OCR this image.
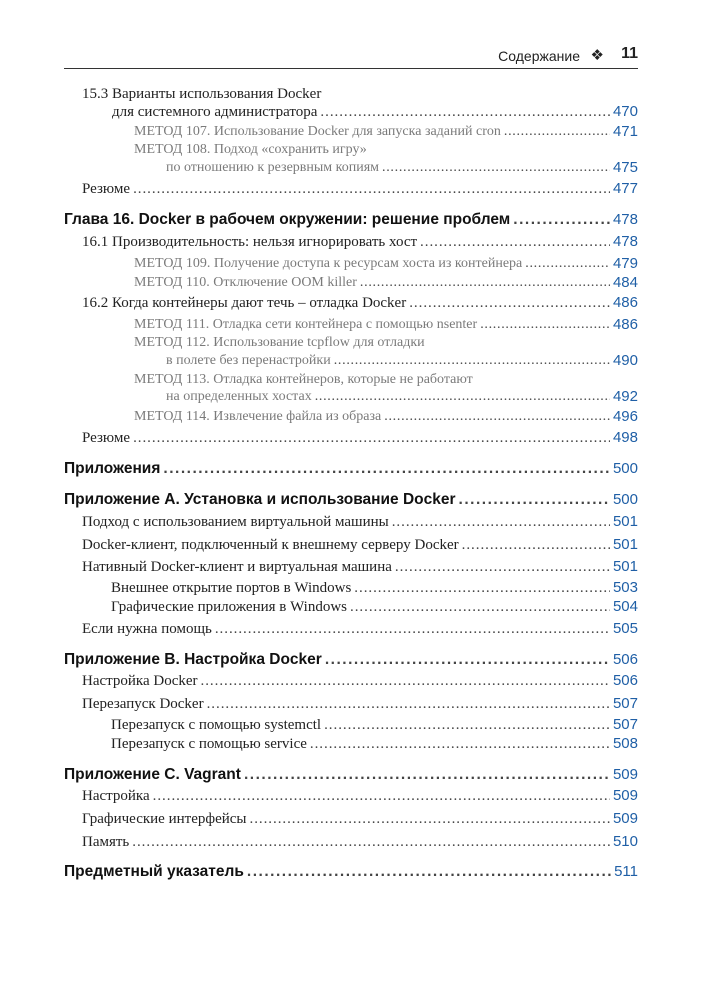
Содержание ❖ 11
15.3 Варианты использования Docker
для системного администратора . . .	470
МЕТОД 107. Использование Docker для запуска заданий cron . . .	471
МЕТОД 108. Подход «сохранить игру»
по отношению к резервным копиям . . .	475
Резюме . . .	477
Глава 16. Docker в рабочем окружении: решение проблем . . .	478
16.1 Производительность: нельзя игнорировать хост . . .	478
МЕТОД 109. Получение доступа к ресурсам хоста из контейнера . . .	479
МЕТОД 110. Отключение OOM killer . . .	484
16.2 Когда контейнеры дают течь – отладка Docker . . .	486
МЕТОД 111. Отладка сети контейнера с помощью nsenter . . .	486
МЕТОД 112. Использование tcpflow для отладки
в полете без перенастройки . . .	490
МЕТОД 113. Отладка контейнеров, которые не работают
на определенных хостах . . .	492
МЕТОД 114. Извлечение файла из образа . . .	496
Резюме . . .	498
Приложения . . .	500
Приложение A. Установка и использование Docker . . .	500
Подход с использованием виртуальной машины . . .	501
Docker-клиент, подключенный к внешнему серверу Docker . . .	501
Нативный Docker-клиент и виртуальная машина . . .	501
Внешнее открытие портов в Windows . . .	503
Графические приложения в Windows . . .	504
Если нужна помощь . . .	505
Приложение B. Настройка Docker . . .	506
Настройка Docker . . .	506
Перезапуск Docker . . .	507
Перезапуск с помощью systemctl . . .	507
Перезапуск с помощью service . . .	508
Приложение C. Vagrant . . .	509
Настройка . . .	509
Графические интерфейсы . . .	509
Память . . .	510
Предметный указатель . . .	511
